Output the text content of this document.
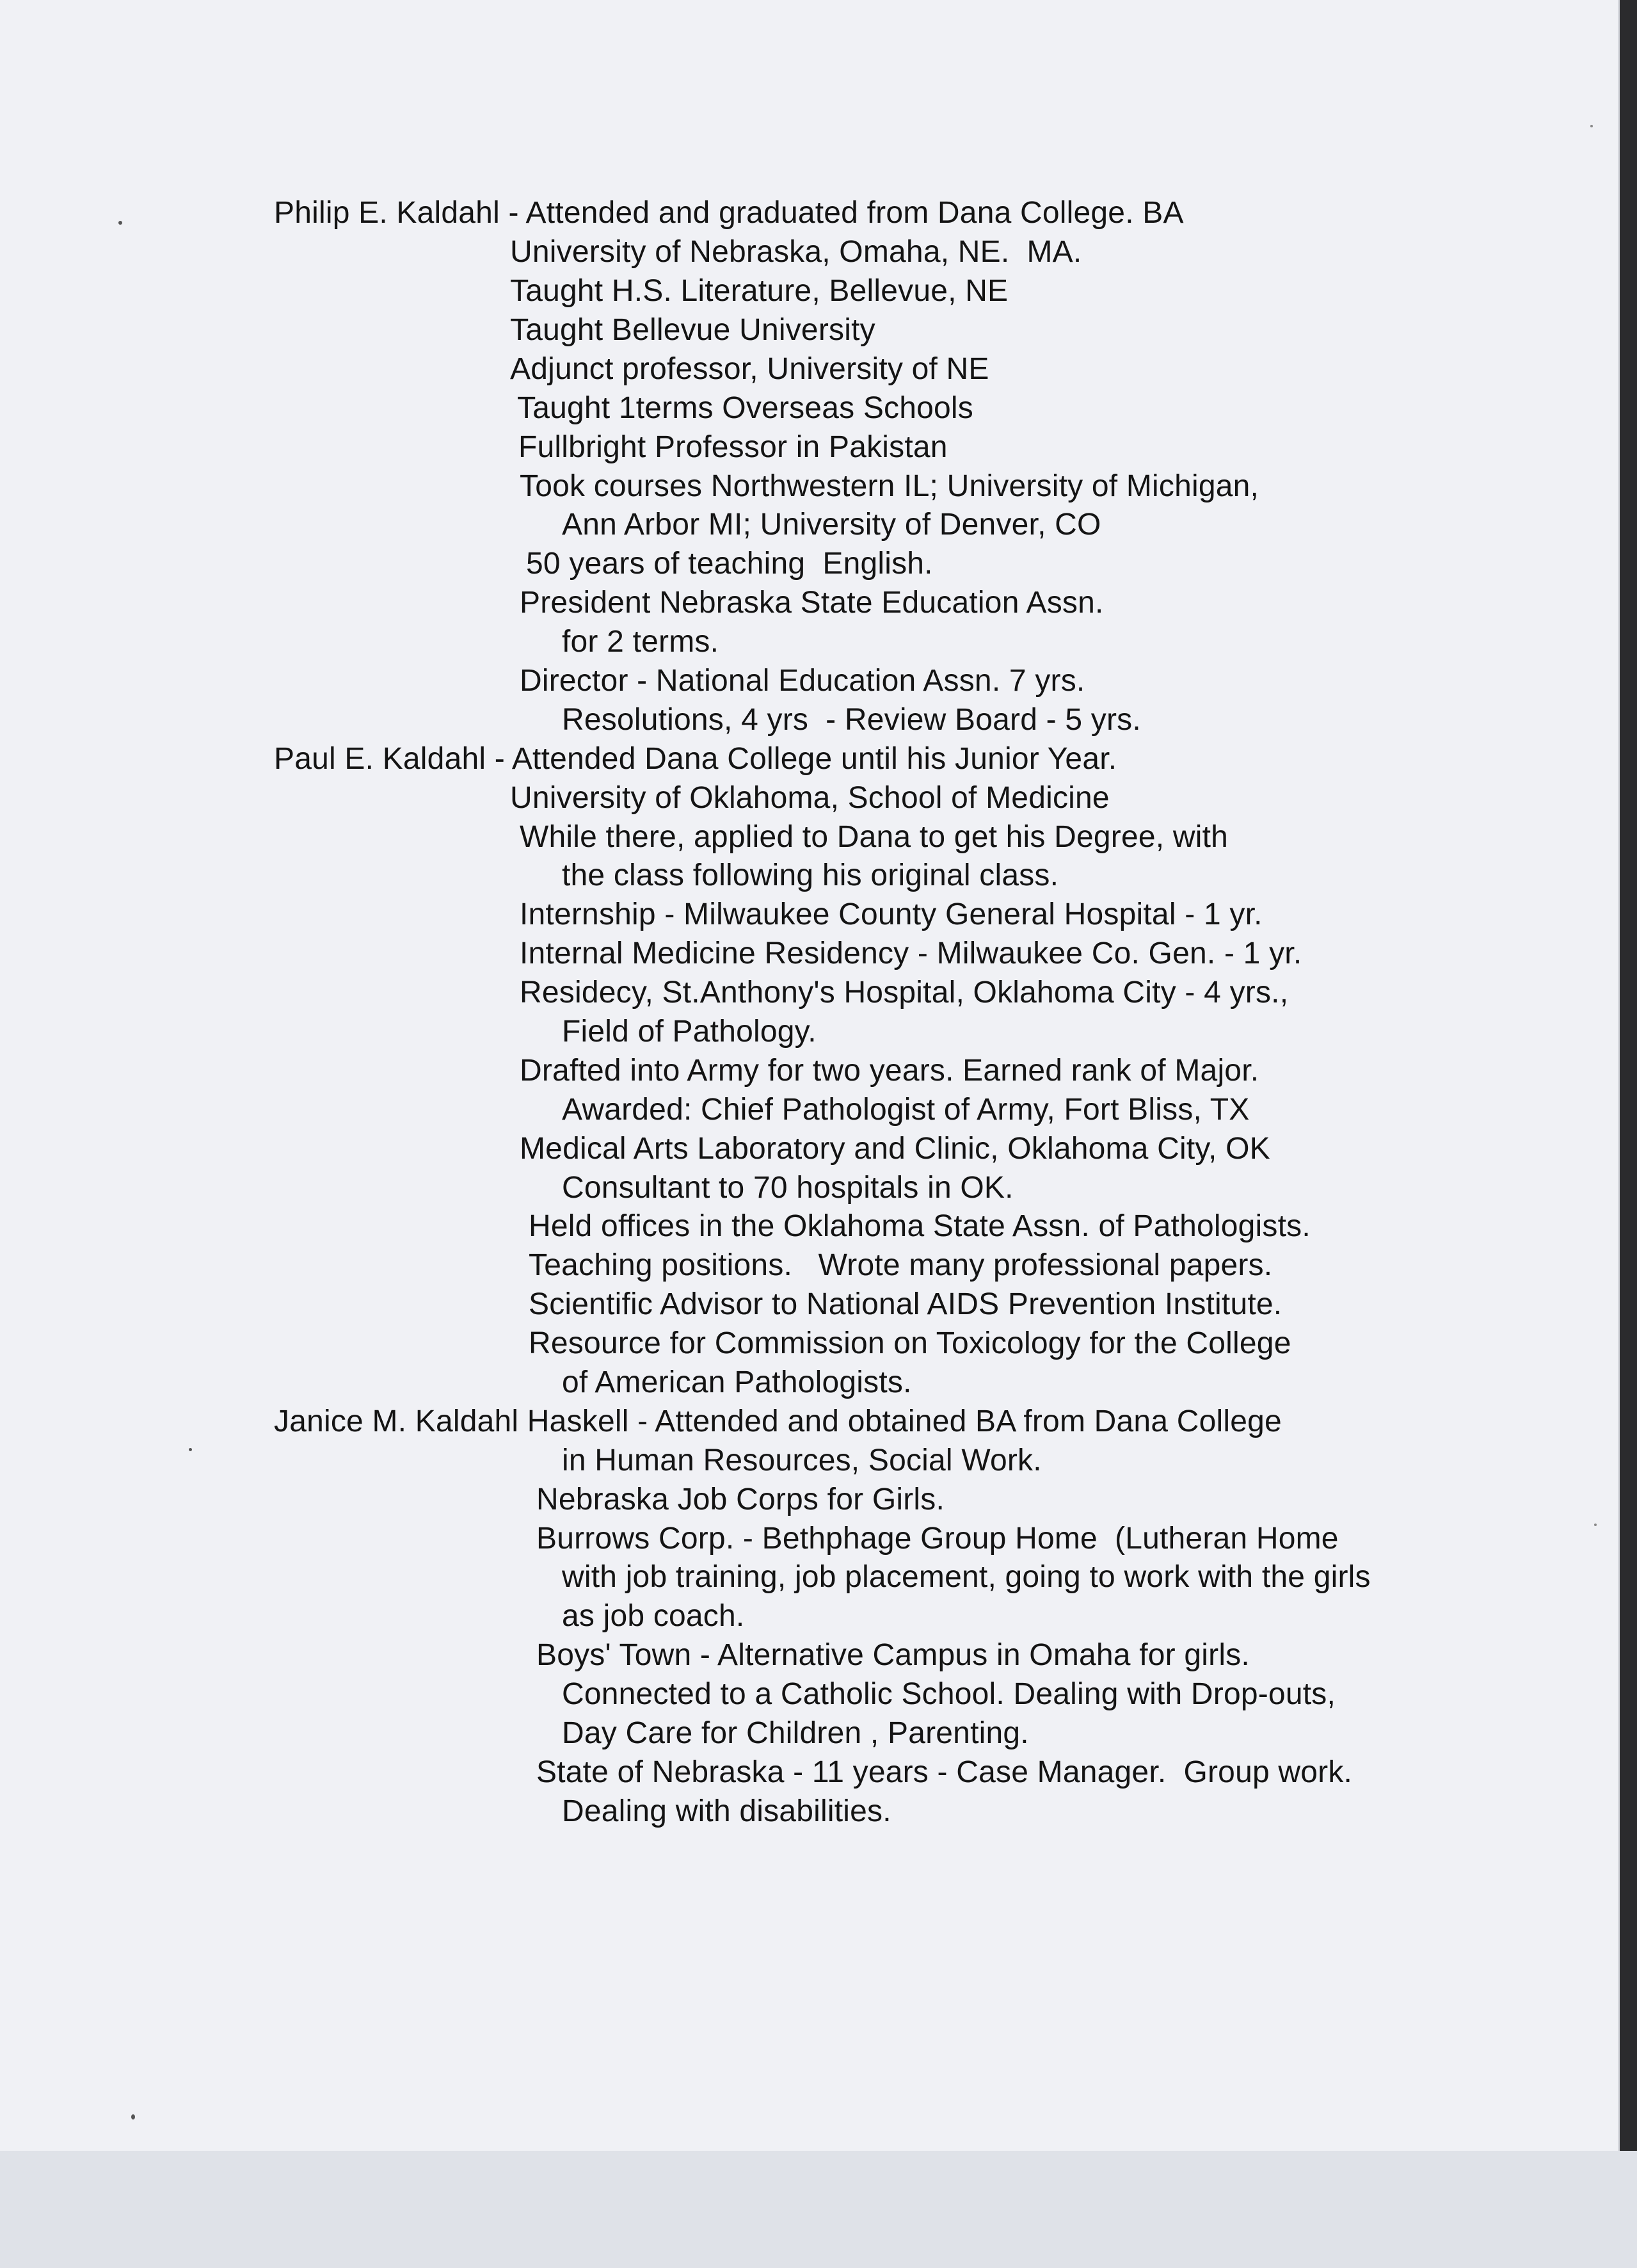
Philip E. Kaldahl - Attended and graduated from Dana College. BA
University of Nebraska, Omaha, NE.  MA.
Taught H.S. Literature, Bellevue, NE
Taught Bellevue University
Adjunct professor, University of NE
Taught 1terms Overseas Schools
Fullbright Professor in Pakistan
Took courses Northwestern IL; University of Michigan,
Ann Arbor MI; University of Denver, CO
50 years of teaching  English.
President Nebraska State Education Assn.
for 2 terms.
Director - National Education Assn. 7 yrs.
Resolutions, 4 yrs  - Review Board - 5 yrs.
Paul E. Kaldahl - Attended Dana College until his Junior Year.
University of Oklahoma, School of Medicine
While there, applied to Dana to get his Degree, with
the class following his original class.
Internship - Milwaukee County General Hospital - 1 yr.
Internal Medicine Residency - Milwaukee Co. Gen. - 1 yr.
Residecy, St.Anthony's Hospital, Oklahoma City - 4 yrs.,
Field of Pathology.
Drafted into Army for two years. Earned rank of Major.
Awarded: Chief Pathologist of Army, Fort Bliss, TX
Medical Arts Laboratory and Clinic, Oklahoma City, OK
Consultant to 70 hospitals in OK.
Held offices in the Oklahoma State Assn. of Pathologists.
Teaching positions.   Wrote many professional papers.
Scientific Advisor to National AIDS Prevention Institute.
Resource for Commission on Toxicology for the College
of American Pathologists.
Janice M. Kaldahl Haskell - Attended and obtained BA from Dana College
in Human Resources, Social Work.
Nebraska Job Corps for Girls.
Burrows Corp. - Bethphage Group Home  (Lutheran Home
with job training, job placement, going to work with the girls
as job coach.
Boys' Town - Alternative Campus in Omaha for girls.
Connected to a Catholic School. Dealing with Drop-outs,
Day Care for Children , Parenting.
State of Nebraska - 11 years - Case Manager.  Group work.
Dealing with disabilities.
